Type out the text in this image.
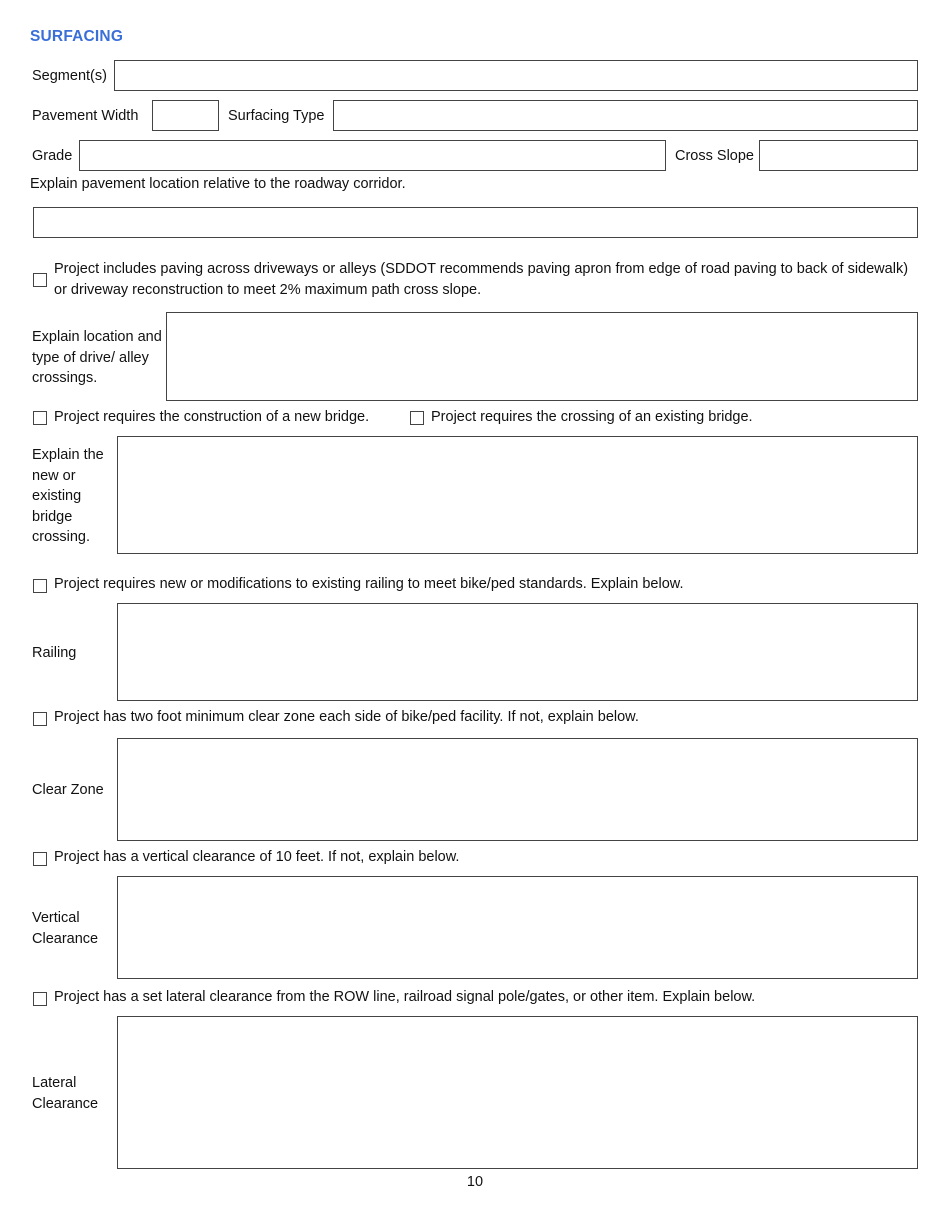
SURFACING
Segment(s)
Pavement Width	Surfacing Type
Grade	Cross Slope
Explain pavement location relative to the roadway corridor.
Project includes paving across driveways or alleys (SDDOT recommends paving apron from edge of road paving to back of sidewalk) or driveway reconstruction to meet 2% maximum path cross slope.
Explain location and type of drive/ alley crossings.
Project requires the construction of a new bridge.	Project requires the crossing of an existing bridge.
Explain the new or existing bridge crossing.
Project requires new or modifications to existing railing to meet bike/ped standards. Explain below.
Railing
Project has two foot minimum clear zone each side of bike/ped facility. If not, explain below.
Clear Zone
Project has a vertical clearance of 10 feet. If not, explain below.
Vertical Clearance
Project has a set lateral clearance from the ROW line, railroad signal pole/gates, or other item. Explain below.
Lateral Clearance
10
